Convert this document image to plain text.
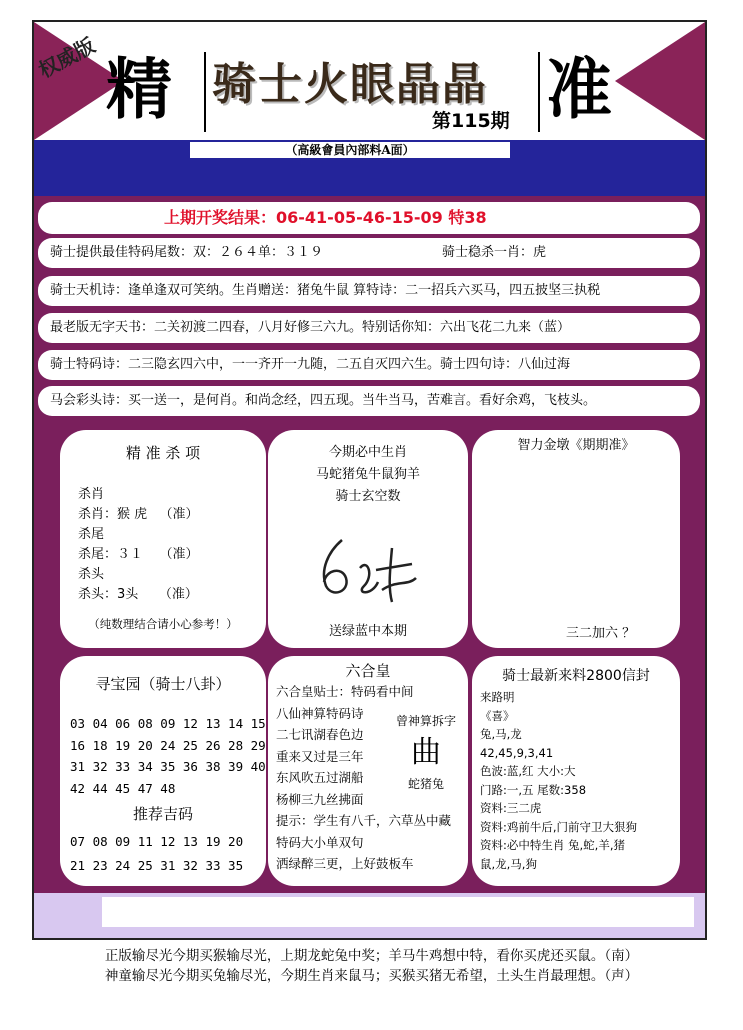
权威版 精 骑士火眼晶晶
第115期 准
（高級會員內部料A面）
上期开奖结果：06-41-05-46-15-09 特38
骑士提供最佳特码尾数：双：２６４单：３１９	骑士稳杀一肖：虎
骑士天机诗：逢单逢双可笑纳。生肖赠送：猪兔牛鼠 算特诗：二一招兵六买马，四五披坚三执税
最老版无字天书：二关初渡二四春，八月好修三六九。特别话你知：六出飞花二九来（蓝）
骑士特码诗：二三隐玄四六中，一一齐开一九随，二五自灭四六生。骑士四句诗：八仙过海
马会彩头诗：买一送一，是何肖。和尚念经，四五现。当牛当马，苦难言。看好余鸡，飞枝头。
精 准 杀 项
杀肖
杀肖：猴 虎   （准）
杀尾
杀尾：３１    （准）
杀头
杀头：3头     （准）
（纯数理结合请小心参考！）
今期必中生肖
马蛇猪兔牛鼠狗羊
骑士玄空数
送绿蓝中本期
智力金墩《期期准》
三二加六 ？
寻宝园（骑士八卦）
03 04 06 08 09 12 13 14 15
16 18 19 20 24 25 26 28 29
31 32 33 34 35 36 38 39 40
42 44 45 47 48
推荐吉码
07 08 09 11 12 13 19 20
21 23 24 25 31 32 33 35
六合皇
六合皇贴士：特码看中间
八仙神算特码诗
二七讯湖春色边
重来又过是三年
东风吹五过湖船
杨柳三九丝拂面
提示：学生有八千，六草丛中藏
特码大小单双句
洒绿醉三更，上好鼓板车
曾神算拆字
曲
蛇猪兔
骑士最新来料2800信封
来路明
《喜》
兔,马,龙
42,45,9,3,41
色波:蓝,红 大小:大
门路:一,五 尾数:358
资料:三二虎
资料:鸡前牛后,门前守卫大狠狗
资料:必中特生肖 兔,蛇,羊,猪
鼠,龙,马,狗
正版输尽光今期买猴输尽光，上期龙蛇兔中奖；羊马牛鸡想中特，看你买虎还买鼠。（南）
神童输尽光今期买兔输尽光，今期生肖来鼠马；买猴买猪无希望，土头生肖最理想。（声）
